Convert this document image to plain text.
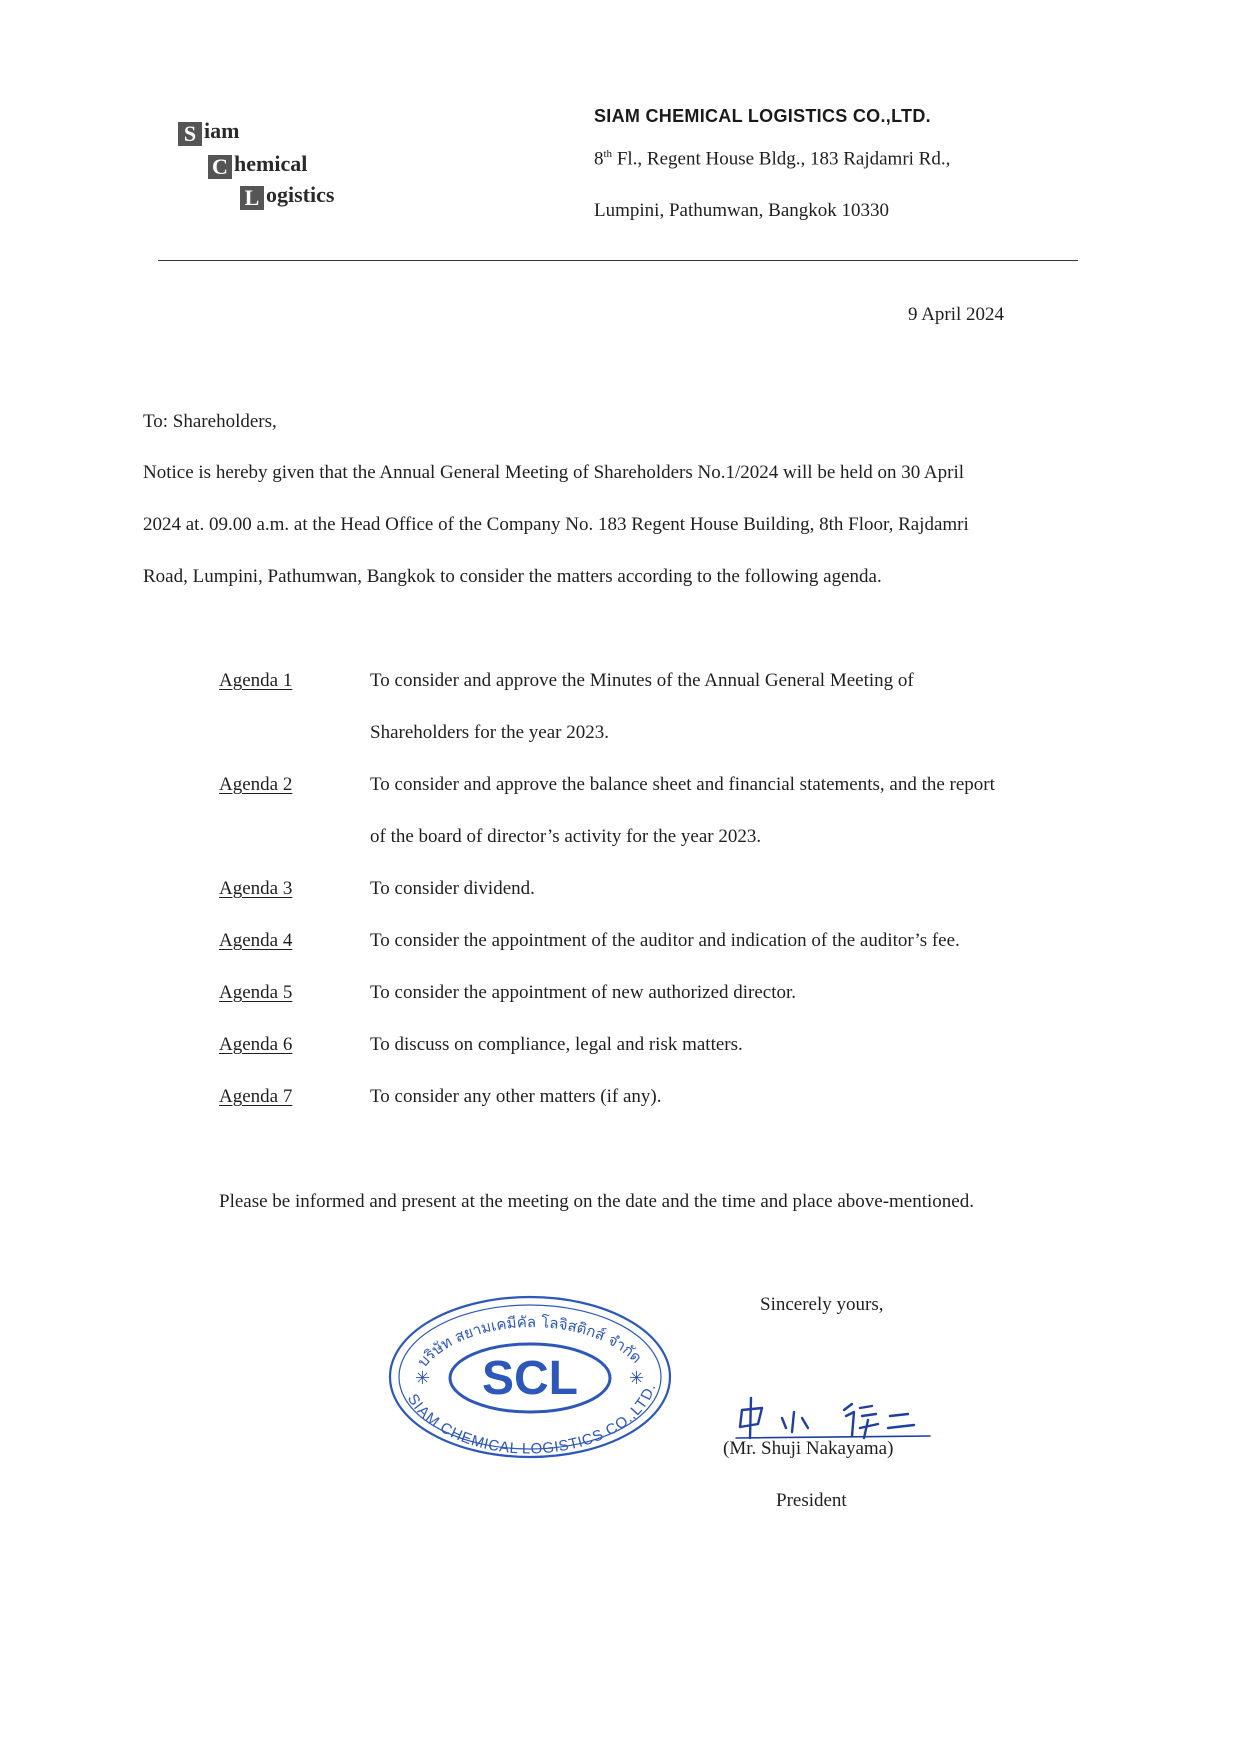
S iam
C hemical
L ogistics
SIAM CHEMICAL LOGISTICS CO.,LTD.
8th Fl., Regent House Bldg., 183 Rajdamri Rd.,
Lumpini, Pathumwan, Bangkok 10330
9 April 2024
To: Shareholders,
Notice is hereby given that the Annual General Meeting of Shareholders No.1/2024 will be held on 30 April
2024 at. 09.00 a.m. at the Head Office of the Company No. 183 Regent House Building, 8th Floor, Rajdamri
Road, Lumpini, Pathumwan, Bangkok to consider the matters according to the following agenda.
Agenda 1	To consider and approve the Minutes of the Annual General Meeting of
Shareholders for the year 2023.
Agenda 2	To consider and approve the balance sheet and financial statements, and the report
of the board of director’s activity for the year 2023.
Agenda 3	To consider dividend.
Agenda 4	To consider the appointment of the auditor and indication of the auditor’s fee.
Agenda 5	To consider the appointment of new authorized director.
Agenda 6	To discuss on compliance, legal and risk matters.
Agenda 7	To consider any other matters (if any).
Please be informed and present at the meeting on the date and the time and place above-mentioned.
Sincerely yours,
บริษัท สยามเคมีคัล โลจิสติกส์ จำกัด
SCL
SIAM CHEMICAL LOGISTICS CO.,LTD.
✳	✳
(Mr. Shuji Nakayama)
President
